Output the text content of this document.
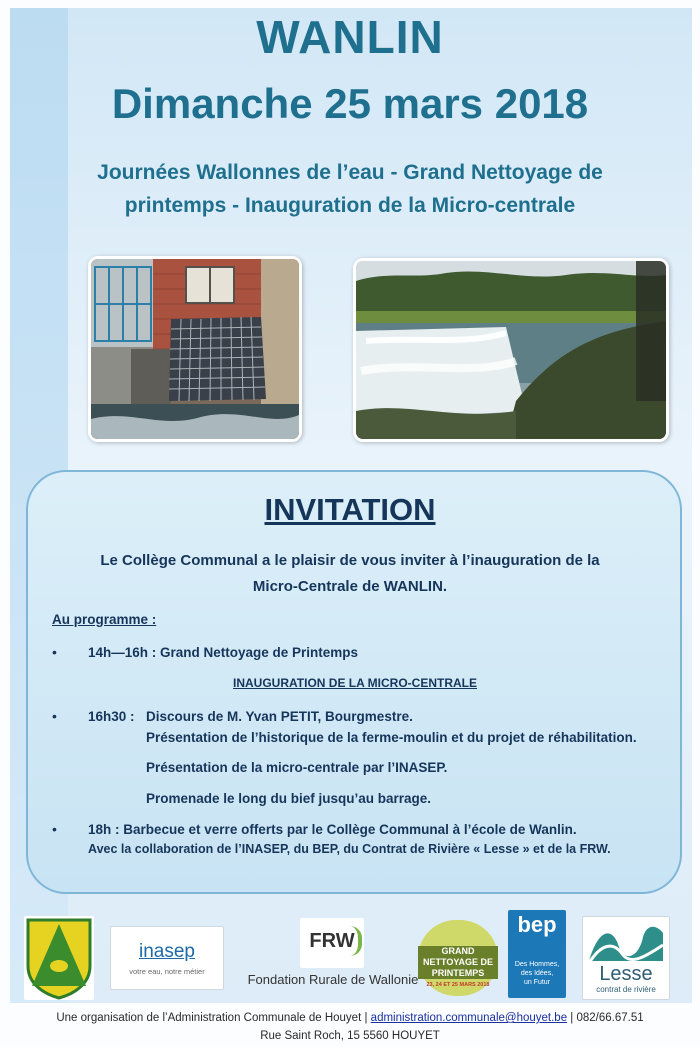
WANLIN
Dimanche 25 mars 2018
Journées Wallonnes de l’eau - Grand Nettoyage de
printemps - Inauguration de la Micro-centrale
INVITATION
Le Collège Communal a le plaisir de vous inviter à l’inauguration de la
Micro-Centrale de WANLIN.
Au programme :
• 14h—16h : Grand Nettoyage de Printemps
INAUGURATION DE LA MICRO-CENTRALE
• 16h30 : Discours de M. Yvan PETIT, Bourgmestre.
Présentation de l’historique de la ferme-moulin et du projet de réhabilitation.
Présentation de la micro-centrale par l’INASEP.
Promenade le long du bief jusqu’au barrage.
• 18h : Barbecue et verre offerts par le Collège Communal à l’école de Wanlin.
Avec la collaboration de l’INASEP, du BEP, du Contrat de Rivière « Lesse » et de la FRW.
inasep
votre eau, notre métier
FRW
Fondation Rurale de Wallonie
GRAND
NETTOYAGE DE
PRINTEMPS
23, 24 ET 25 MARS 2018
bep
Des Hommes,
des Idées,
un Futur	Lesse
contrat de rivière
Une organisation de l’Administration Communale de Houyet | administration.communale@houyet.be | 082/66.67.51
Rue Saint Roch, 15 5560 HOUYET
